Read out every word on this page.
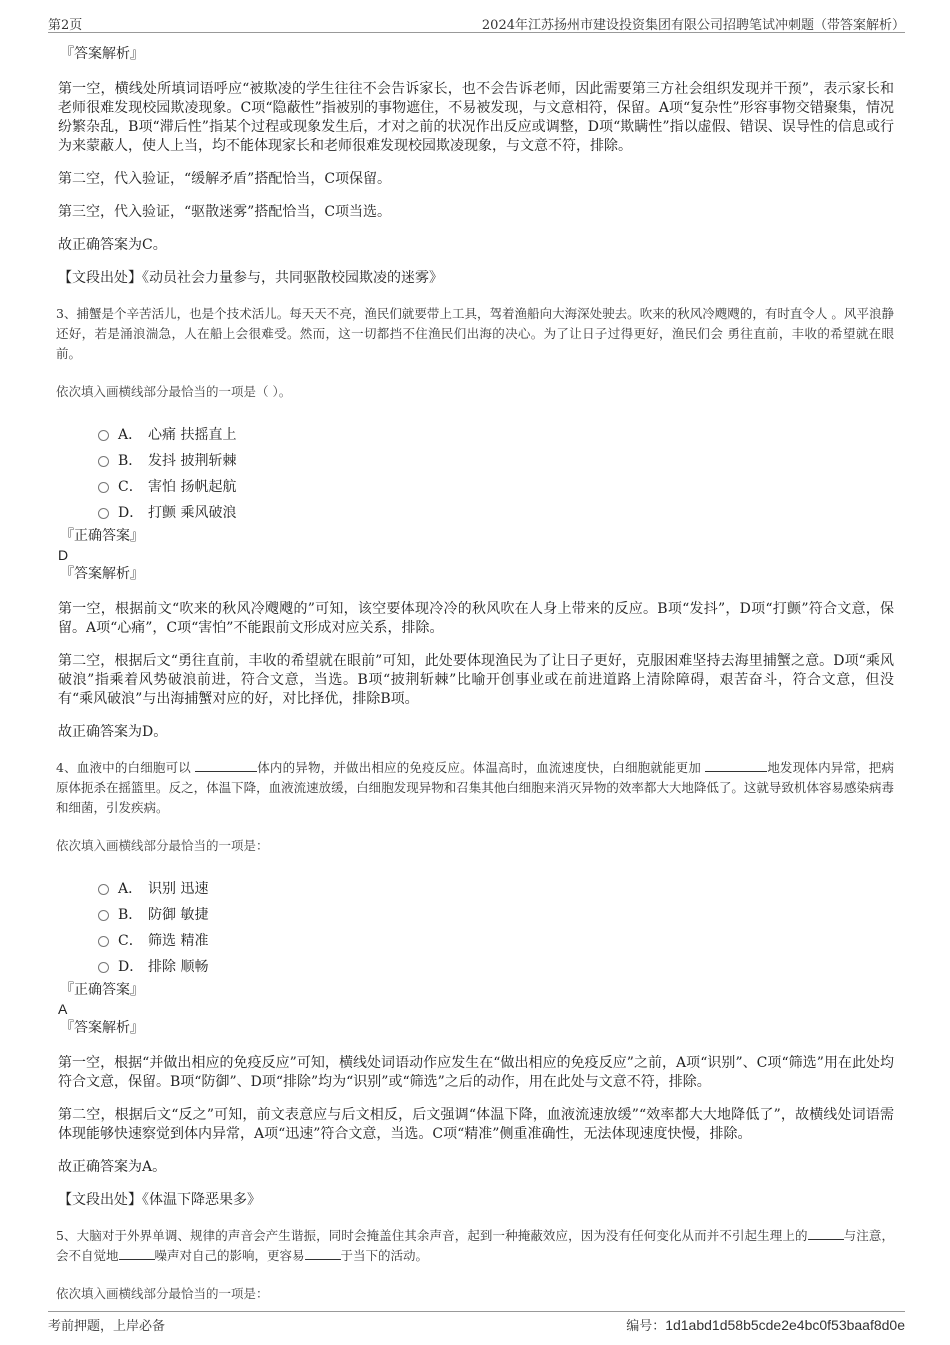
第2页	2024年江苏扬州市建设投资集团有限公司招聘笔试冲刺题（带答案解析）
『答案解析』

第一空，横线处所填词语呼应“被欺凌的学生往往不会告诉家长，也不会告诉老师，因此需要第三方社会组织发现并干预”，表示家长和老师很难发现校园欺凌现象。C项“隐蔽性”指被别的事物遮住，不易被发现，与文意相符，保留。A项“复杂性”形容事物交错聚集，情况纷繁杂乱，B项“滞后性”指某个过程或现象发生后，才对之前的状况作出反应或调整，D项“欺瞒性”指以虚假、错误、误导性的信息或行为来蒙蔽人，使人上当，均不能体现家长和老师很难发现校园欺凌现象，与文意不符，排除。

第二空，代入验证，“缓解矛盾”搭配恰当，C项保留。

第三空，代入验证，“驱散迷雾”搭配恰当，C项当选。

故正确答案为C。

【文段出处】《动员社会力量参与，共同驱散校园欺凌的迷雾》

3、捕蟹是个辛苦活儿，也是个技术活儿。每天天不亮，渔民们就要带上工具，驾着渔船向大海深处驶去。吹来的秋风冷飕飕的，有时直令人 。风平浪静还好，若是涌浪湍急，人在船上会很难受。然而，这一切都挡不住渔民们出海的决心。为了让日子过得更好，渔民们会 勇往直前，丰收的希望就在眼前。

依次填入画横线部分最恰当的一项是（ ）。

A． 心痛 扶摇直上
B． 发抖 披荆斩棘
C． 害怕 扬帆起航
D． 打颤 乘风破浪
『正确答案』
D
『答案解析』

第一空，根据前文“吹来的秋风冷飕飕的”可知，该空要体现冷冷的秋风吹在人身上带来的反应。B项“发抖”，D项“打颤”符合文意，保留。A项“心痛”，C项“害怕”不能跟前文形成对应关系，排除。

第二空，根据后文“勇往直前，丰收的希望就在眼前”可知，此处要体现渔民为了让日子更好，克服困难坚持去海里捕蟹之意。D项“乘风破浪”指乘着风势破浪前进，符合文意，当选。B项“披荆斩棘”比喻开创事业或在前进道路上清除障碍，艰苦奋斗，符合文意，但没有“乘风破浪”与出海捕蟹对应的好，对比择优，排除B项。

故正确答案为D。

4、血液中的白细胞可以	体内的异物，并做出相应的免疫反应。体温高时，血流速度快，白细胞就能更加	地发现体内异常，把病原体扼杀在摇篮里。反之，体温下降，血液流速放缓，白细胞发现异物和召集其他白细胞来消灭异物的效率都大大地降低了。这就导致机体容易感染病毒和细菌，引发疾病。

依次填入画横线部分最恰当的一项是：

A． 识别 迅速
B． 防御 敏捷
C． 筛选 精准
D． 排除 顺畅
『正确答案』
A
『答案解析』

第一空，根据“并做出相应的免疫反应”可知，横线处词语动作应发生在“做出相应的免疫反应”之前，A项“识别”、C项“筛选”用在此处均符合文意，保留。B项“防御”、D项“排除”均为“识别”或“筛选”之后的动作，用在此处与文意不符，排除。

第二空，根据后文“反之”可知，前文表意应与后文相反，后文强调“体温下降，血液流速放缓”“效率都大大地降低了”，故横线处词语需体现能够快速察觉到体内异常，A项“迅速”符合文意，当选。C项“精准”侧重准确性，无法体现速度快慢，排除。

故正确答案为A。

【文段出处】《体温下降恶果多》

5、大脑对于外界单调、规律的声音会产生谐振，同时会掩盖住其余声音，起到一种掩蔽效应，因为没有任何变化从而并不引起生理上的	与注意，会不自觉地	噪声对自己的影响，更容易	于当下的活动。

依次填入画横线部分最恰当的一项是：

考前押题，上岸必备	编号：1d1abd1d58b5cde2e4bc0f53baaf8d0e
